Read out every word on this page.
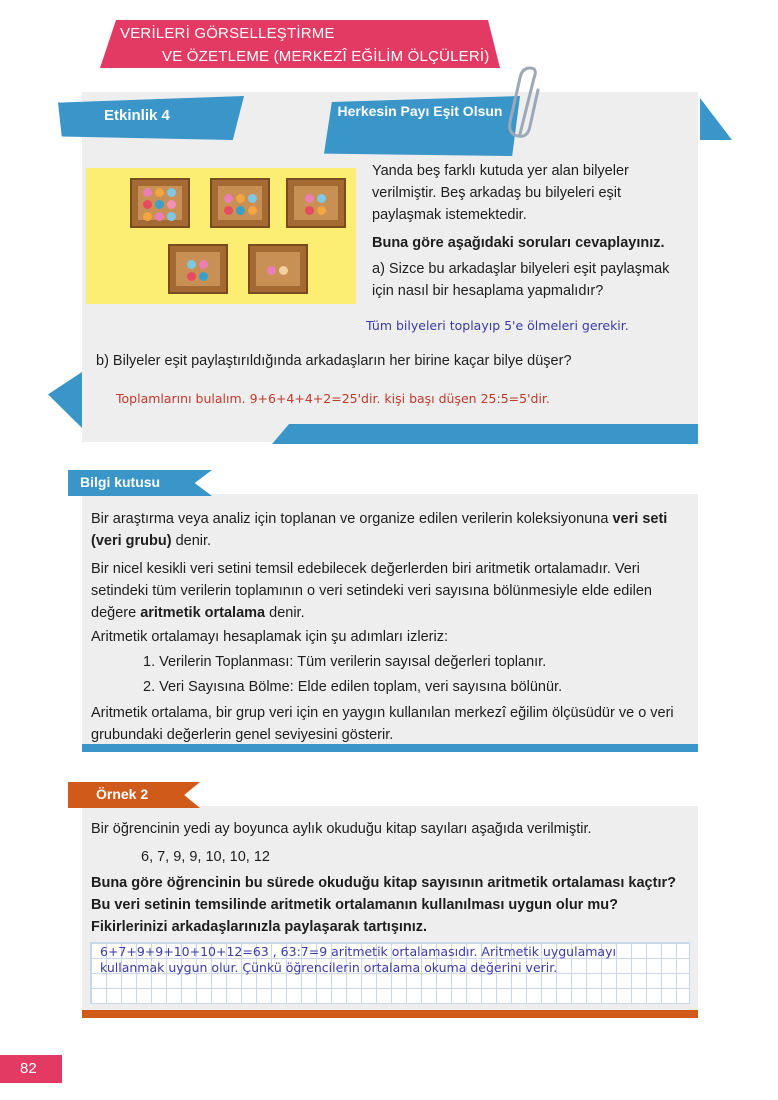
VERİLERİ GÖRSELLEŞTİRME
VE ÖZETLEME (MERKEZÎ EĞİLİM ÖLÇÜLERİ)
Etkinlik 4	Herkesin Payı Eşit Olsun
Yanda beş farklı kutuda yer alan bilyeler verilmiştir. Beş arkadaş bu bilyeleri eşit paylaşmak istemektedir.
Buna göre aşağıdaki soruları cevaplayınız.
a) Sizce bu arkadaşlar bilyeleri eşit paylaşmak için nasıl bir hesaplama yapmalıdır?
Tüm bilyeleri toplayıp 5'e ölmeleri gerekir.
b) Bilyeler eşit paylaştırıldığında arkadaşların her birine kaçar bilye düşer?
Toplamlarını bulalım. 9+6+4+4+2=25'dir. kişi başı düşen 25:5=5'dir.
Bilgi kutusu
Bir araştırma veya analiz için toplanan ve organize edilen verilerin koleksiyonuna veri seti (veri grubu) denir.
Bir nicel kesikli veri setini temsil edebilecek değerlerden biri aritmetik ortalamadır. Veri setindeki tüm verilerin toplamının o veri setindeki veri sayısına bölünmesiyle elde edilen değere aritmetik ortalama denir.
Aritmetik ortalamayı hesaplamak için şu adımları izleriz:
1. Verilerin Toplanması: Tüm verilerin sayısal değerleri toplanır.
2. Veri Sayısına Bölme: Elde edilen toplam, veri sayısına bölünür.
Aritmetik ortalama, bir grup veri için en yaygın kullanılan merkezî eğilim ölçüsüdür ve o veri grubundaki değerlerin genel seviyesini gösterir.
Örnek 2
Bir öğrencinin yedi ay boyunca aylık okuduğu kitap sayıları aşağıda verilmiştir.
6, 7, 9, 9, 10, 10, 12
Buna göre öğrencinin bu sürede okuduğu kitap sayısının aritmetik ortalaması kaçtır? Bu veri setinin temsilinde aritmetik ortalamanın kullanılması uygun olur mu? Fikirlerinizi arkadaşlarınızla paylaşarak tartışınız.
6+7+9+9+10+10+12=63 , 63:7=9 aritmetik ortalamasıdır. Aritmetik uygulamayı kullanmak uygun olur. Çünkü öğrencilerin ortalama okuma değerini verir.
82
